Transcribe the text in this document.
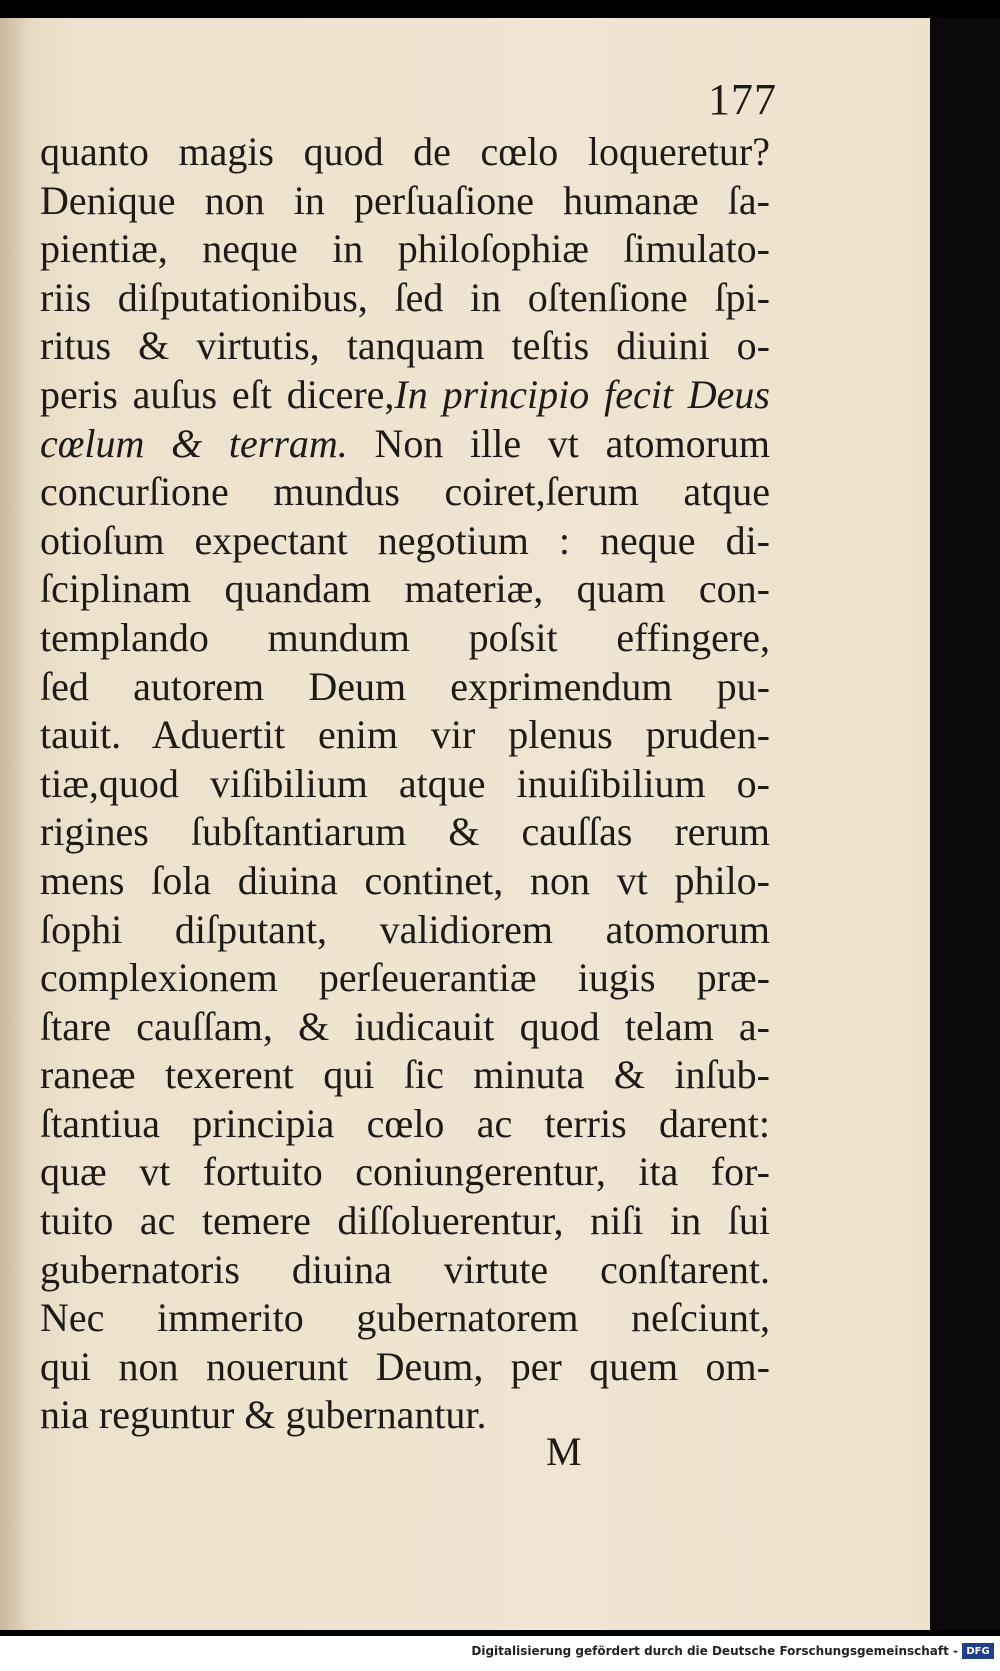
177
quanto magis quod de cœlo loqueretur?
Denique non in perſuaſione humanæ ſa-
pientiæ, neque in philoſophiæ ſimulato-
riis diſputationibus, ſed in oſtenſione ſpi-
ritus & virtutis, tanquam teſtis diuini o-
peris auſus eſt dicere,In principio fecit Deus
cœlum & terram. Non ille vt atomorum
concurſione mundus coiret,ſerum atque
otioſum expectant negotium : neque di-
ſciplinam quandam materiæ, quam con-
templando mundum poſsit effingere,
ſed autorem Deum exprimendum pu-
tauit. Aduertit enim vir plenus pruden-
tiæ,quod viſibilium atque inuiſibilium o-
rigines ſubſtantiarum & cauſſas rerum
mens ſola diuina continet, non vt philo-
ſophi diſputant, validiorem atomorum
complexionem perſeuerantiæ iugis præ-
ſtare cauſſam, & iudicauit quod telam a-
raneæ texerent qui ſic minuta & inſub-
ſtantiua principia cœlo ac terris darent:
quæ vt fortuito coniungerentur, ita for-
tuito ac temere diſſoluerentur, niſi in ſui
gubernatoris diuina virtute conſtarent.
Nec immerito gubernatorem neſciunt,
qui non nouerunt Deum, per quem om-
nia reguntur & gubernantur.
M
Digitalisierung gefördert durch die Deutsche Forschungsgemeinschaft - DFG
